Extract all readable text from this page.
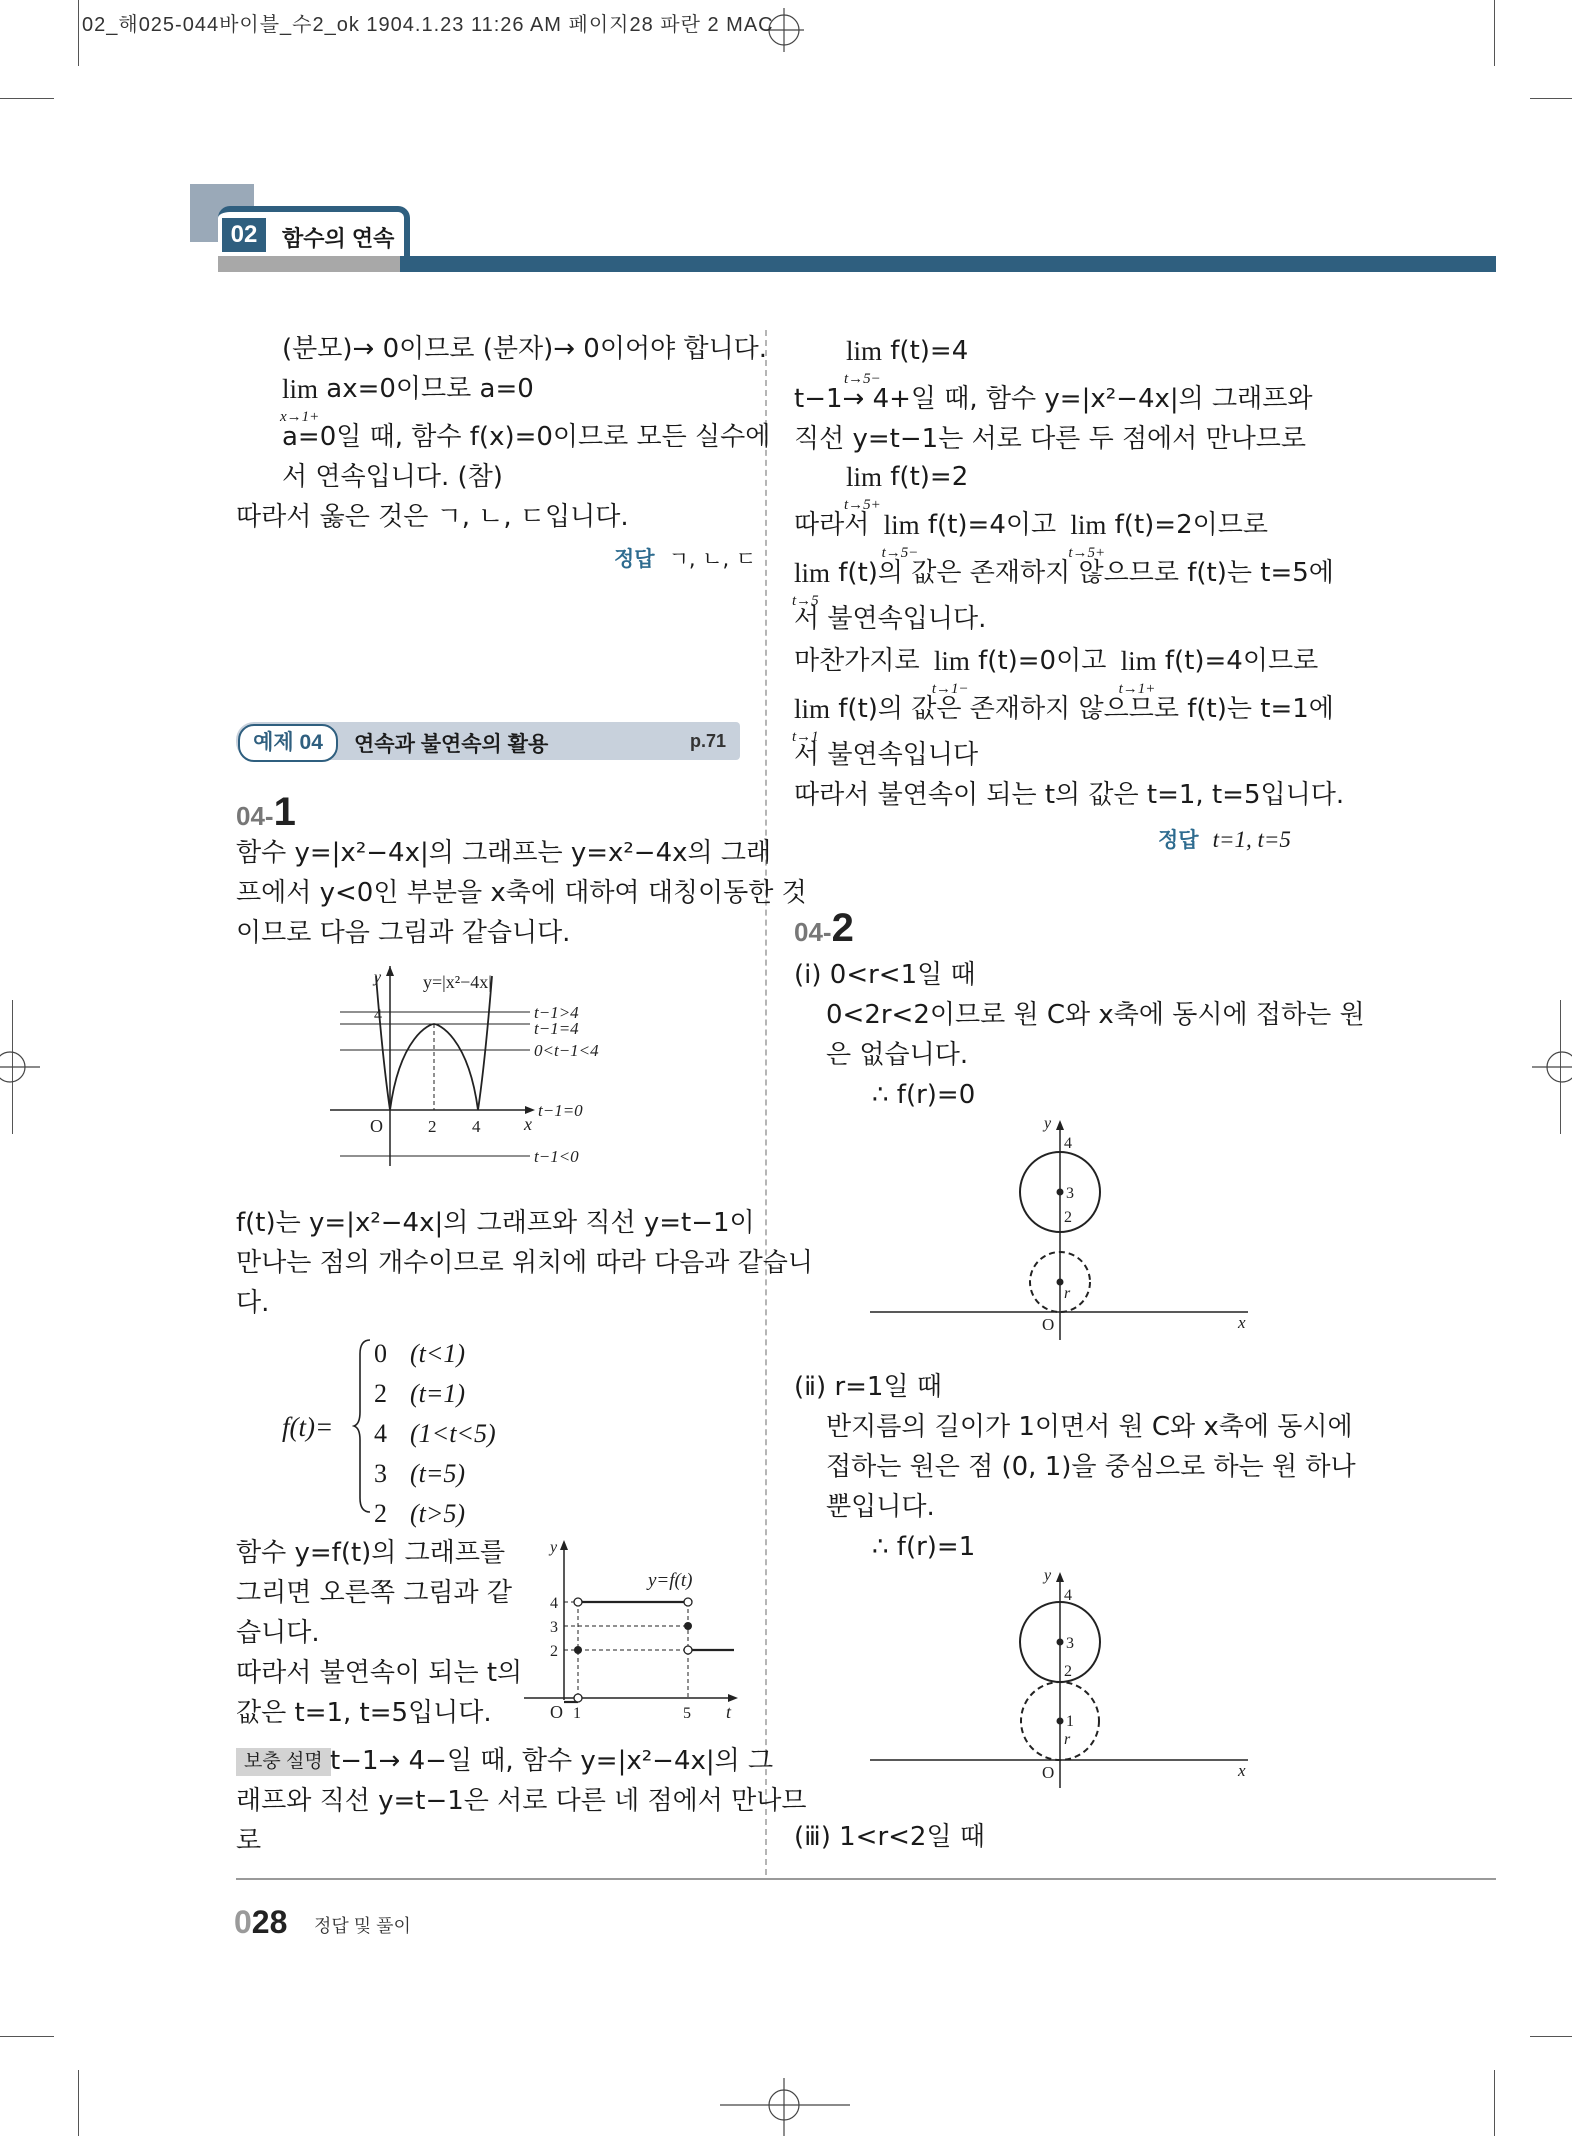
02_해025-044바이블_수2_ok 1904.1.23 11:26 AM 페이지28 파란 2 MAC
02	함수의 연속
(분모)→ 0이므로 (분자)→ 0이어야 합니다.
lim
x→1+
ax=0이므로 a=0
a=0일 때, 함수 f(x)=0이므로 모든 실수에
서 연속입니다. (참)
따라서 옳은 것은 ㄱ, ㄴ, ㄷ입니다.
정답 ㄱ, ㄴ, ㄷ
예제 04	연속과 불연속의 활용	p.71
04-1
함수 y=|x²−4x|의 그래프는 y=x²−4x의 그래
프에서 y<0인 부분을 x축에 대하여 대칭이동한 것
이므로 다음 그림과 같습니다.
y y=|x²−4x|
4
O	2 4 x
t−1>4
t−1=4
0<t−1<4
t−1=0
t−1<0
f(t)는 y=|x²−4x|의 그래프와 직선 y=t−1이
만나는 점의 개수이므로 위치에 따라 다음과 같습니
다.
f(t)=
0 (t<1)
2 (t=1)
4 (1<t<5)
3 (t=5)
2 (t>5)
함수 y=f(t)의 그래프를
그리면 오른쪽 그림과 같
습니다.
따라서 불연속이 되는 t의
값은 t=1, t=5입니다.
y
y=f(t)
4
3
2
O 1	5 t
보충 설명 t−1→ 4−일 때, 함수 y=|x²−4x|의 그
래프와 직선 y=t−1은 서로 다른 네 점에서 만나므
로
lim
t→5−
f(t)=4
t−1→ 4+일 때, 함수 y=|x²−4x|의 그래프와
직선 y=t−1는 서로 다른 두 점에서 만나므로
lim
t→5+
f(t)=2
따라서 lim
t→5−
f(t)=4이고 lim
t→5+
f(t)=2이므로
lim
t→5
f(t)의 값은 존재하지 않으므로 f(t)는 t=5에
서 불연속입니다.
마찬가지로 lim
t→1−
f(t)=0이고 lim
t→1+
f(t)=4이므로
lim
t→1
f(t)의 값은 존재하지 않으므로 f(t)는 t=1에
서 불연속입니다
따라서 불연속이 되는 t의 값은 t=1, t=5입니다.
정답 t=1, t=5
04-2
(ⅰ) 0<r<1일 때
0<2r<2이므로 원 C와 x축에 동시에 접하는 원
은 없습니다.
∴ f(r)=0
y
4
3
2
r
O	x
(ⅱ) r=1일 때
반지름의 길이가 1이면서 원 C와 x축에 동시에
접하는 원은 점 (0, 1)을 중심으로 하는 원 하나
뿐입니다.
∴ f(r)=1
y
4
3
2
1
r
O	x
(ⅲ) 1<r<2일 때
028 정답 및 풀이
